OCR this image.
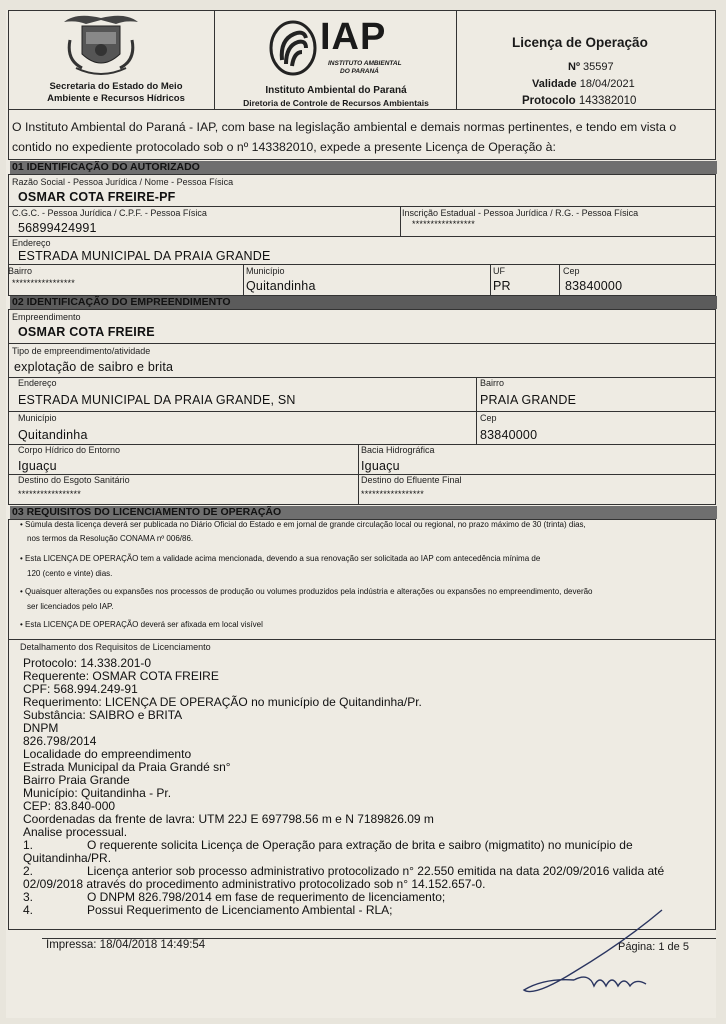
Secretaria do Estado do Meio
Ambiente e Recursos Hídricos
IAP
INSTITUTO AMBIENTAL
DO PARANÁ
Instituto Ambiental do Paraná
Diretoria de Controle de Recursos Ambientais
Licença de Operação
Nº 35597
Validade 18/04/2021
Protocolo 143382010
O Instituto Ambiental do Paraná - IAP, com base na legislação ambiental e demais normas pertinentes, e tendo em vista o
contido no expediente protocolado sob o nº 143382010, expede a presente Licença de Operação à:
01 IDENTIFICAÇÃO DO AUTORIZADO
Razão Social - Pessoa Jurídica / Nome - Pessoa Física
OSMAR COTA FREIRE-PF
C.G.C. - Pessoa Jurídica / C.P.F. - Pessoa Física
56899424991
Inscrição Estadual - Pessoa Jurídica / R.G. - Pessoa Física
*****************
Endereço
ESTRADA MUNICIPAL DA PRAIA GRANDE
Bairro
*****************
Município
Quitandinha
UF
PR
Cep
83840000
02 IDENTIFICAÇÃO DO EMPREENDIMENTO
Empreendimento
OSMAR COTA FREIRE
Tipo de empreendimento/atividade
explotação de saibro e brita
Endereço
ESTRADA MUNICIPAL DA PRAIA GRANDE, SN
Bairro
PRAIA GRANDE
Município
Quitandinha
Cep
83840000
Corpo Hídrico do Entorno
Iguaçu
Bacia Hidrográfica
Iguaçu
Destino do Esgoto Sanitário
*****************
Destino do Efluente Final
*****************
03 REQUISITOS DO LICENCIAMENTO DE OPERAÇÃO
• Súmula desta licença deverá ser publicada no Diário Oficial do Estado e em jornal de grande circulação local ou regional, no prazo máximo de 30 (trinta) dias,
nos termos da Resolução CONAMA nº 006/86.
• Esta LICENÇA DE OPERAÇÃO tem a validade acima mencionada, devendo a sua renovação ser solicitada ao IAP com antecedência mínima de
120 (cento e vinte) dias.
• Quaisquer alterações ou expansões nos processos de produção ou volumes produzidos pela indústria e alterações ou expansões no empreendimento, deverão
ser licenciados pelo IAP.
• Esta LICENÇA DE OPERAÇÃO deverá ser afixada em local visível
Detalhamento dos Requisitos de Licenciamento
Protocolo: 14.338.201-0
Requerente: OSMAR COTA FREIRE
CPF: 568.994.249-91
Requerimento: LICENÇA DE OPERAÇÃO no município de Quitandinha/Pr.
Substância: SAIBRO e BRITA
DNPM
826.798/2014
Localidade do empreendimento
Estrada Municipal da Praia Grandé sn°
Bairro Praia Grande
Município: Quitandinha - Pr.
CEP: 83.840-000
Coordenadas da frente de lavra: UTM 22J E 697798.56 m e N 7189826.09 m
Analise processual.
1.	O requerente solicita Licença de Operação para extração de brita e saibro (migmatito) no município de
Quitandinha/PR.
2.	Licença anterior sob processo administrativo protocolizado n° 22.550 emitida na data 202/09/2016 valida até
02/09/2018 através do procedimento administrativo protocolizado sob n° 14.152.657-0.
3.	O DNPM 826.798/2014 em fase de requerimento de licenciamento;
4.	Possui Requerimento de Licenciamento Ambiental - RLA;
Impressa: 18/04/2018 14:49:54	Página: 1 de 5
